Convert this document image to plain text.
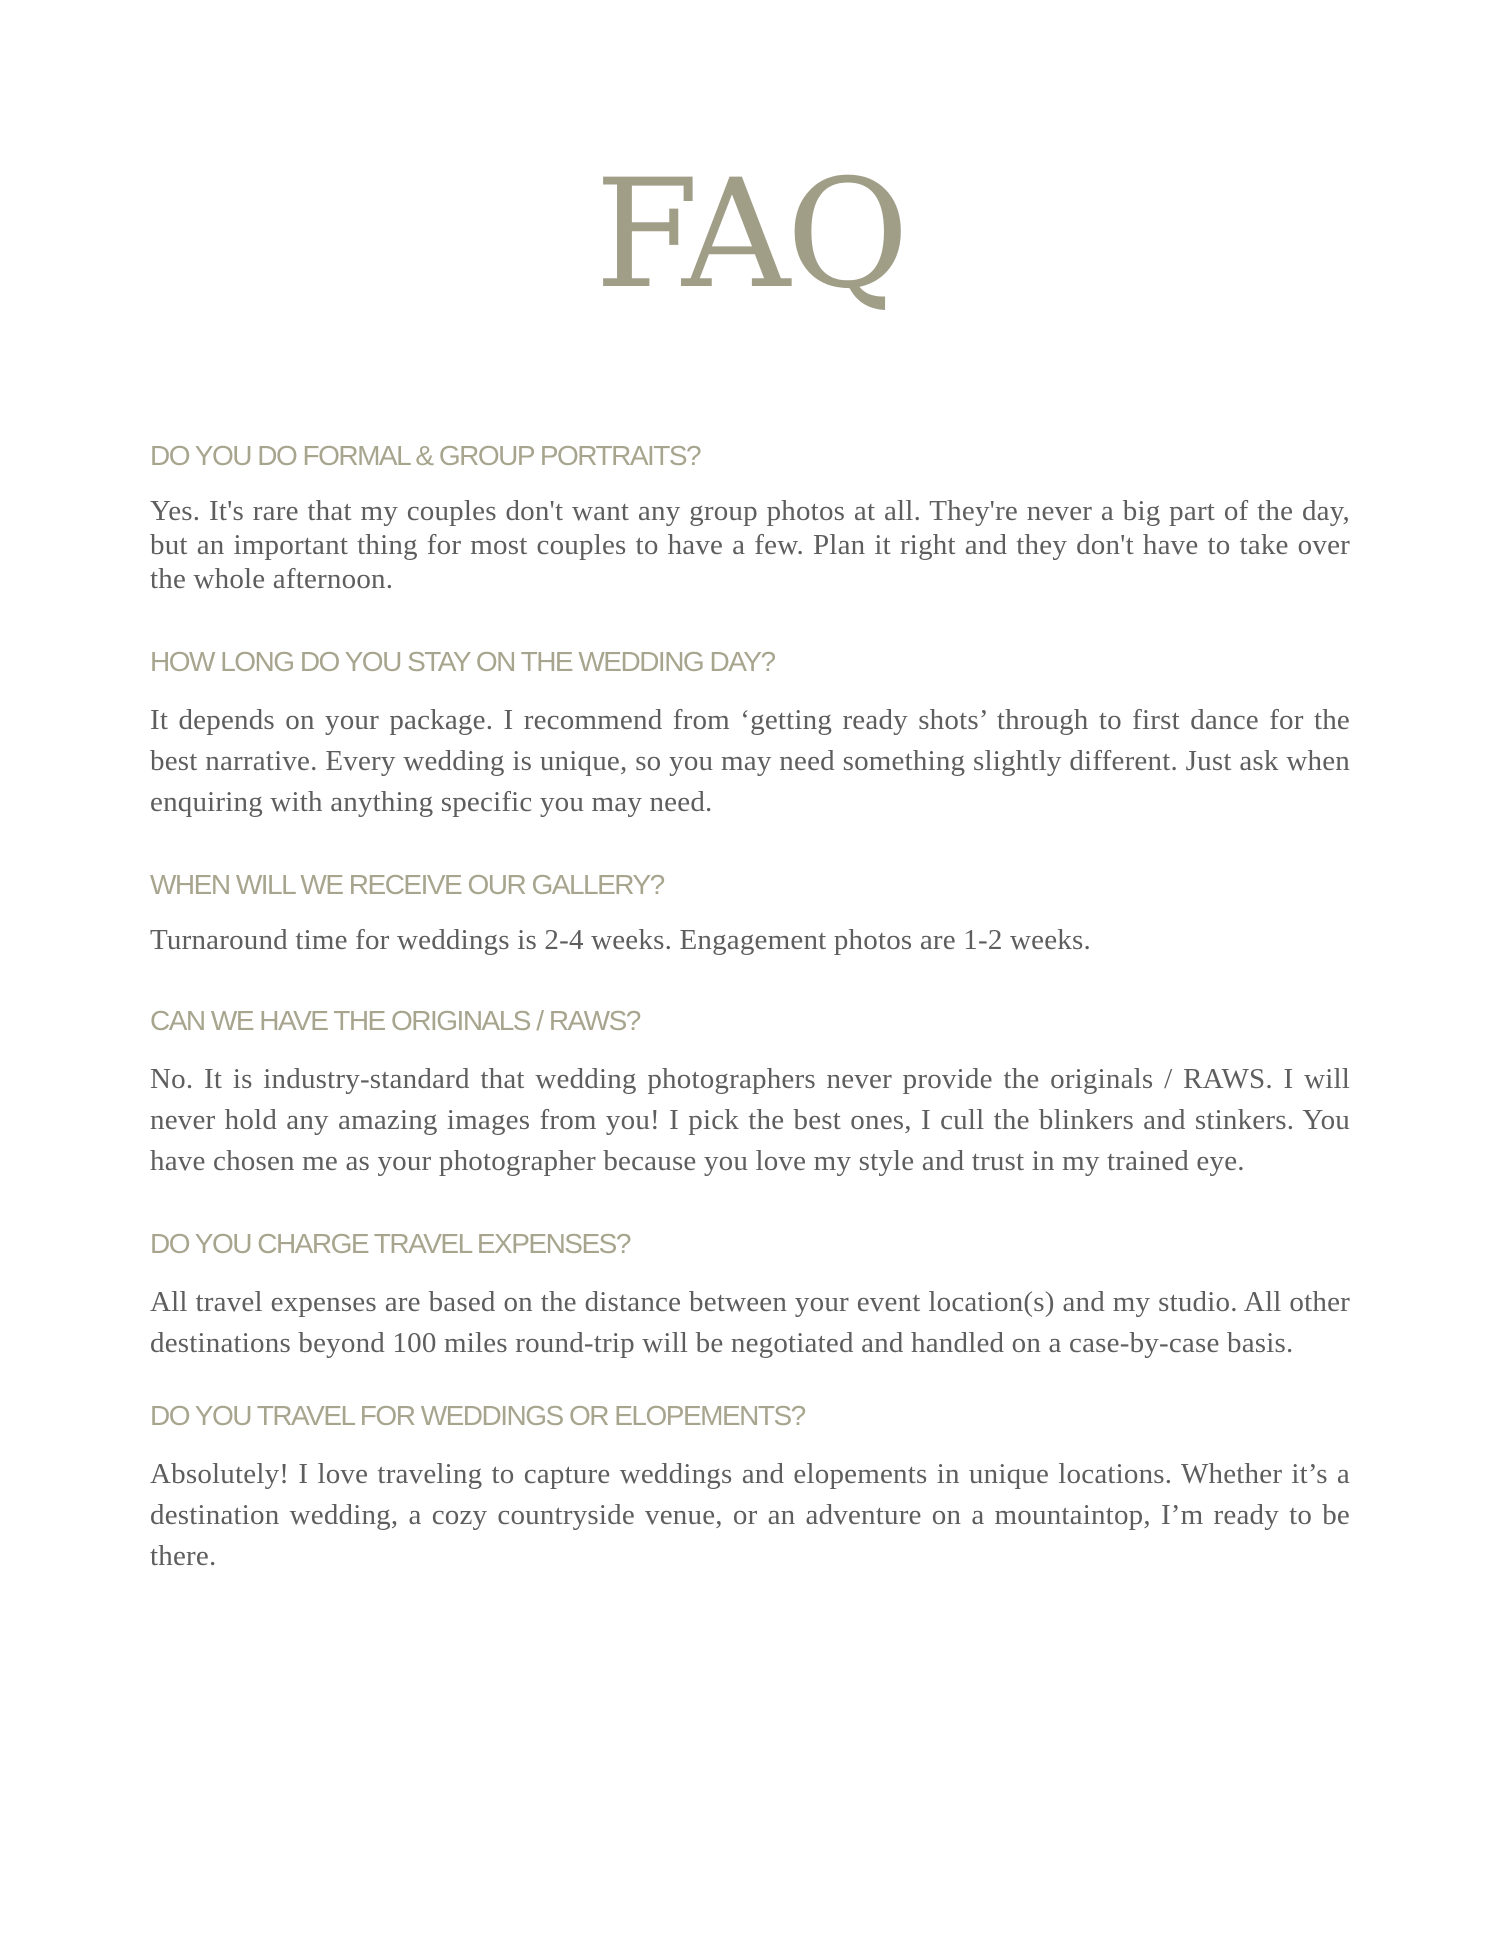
FAQ
DO YOU DO FORMAL & GROUP PORTRAITS?

Yes. It's rare that my couples don't want any group photos at all. They're never a big part of the day, but an important thing for most couples to have a few. Plan it right and they don't have to take over the whole afternoon.

HOW LONG DO YOU STAY ON THE WEDDING DAY?

It depends on your package. I recommend from ‘getting ready shots’ through to first dance for the best narrative. Every wedding is unique, so you may need something slightly different. Just ask when enquiring with anything specific you may need.

WHEN WILL WE RECEIVE OUR GALLERY?

Turnaround time for weddings is 2-4 weeks. Engagement photos are 1-2 weeks.

CAN WE HAVE THE ORIGINALS / RAWS?

No. It is industry-standard that wedding photographers never provide the originals / RAWS. I will never hold any amazing images from you! I pick the best ones, I cull the blinkers and stinkers. You have chosen me as your photographer because you love my style and trust in my trained eye.

DO YOU CHARGE TRAVEL EXPENSES?

All travel expenses are based on the distance between your event location(s) and my studio. All other destinations beyond 100 miles round-trip will be negotiated and handled on a case-by-case basis.

DO YOU TRAVEL FOR WEDDINGS OR ELOPEMENTS?

Absolutely! I love traveling to capture weddings and elopements in unique locations. Whether it’s a destination wedding, a cozy countryside venue, or an adventure on a mountaintop, I’m ready to be there.
